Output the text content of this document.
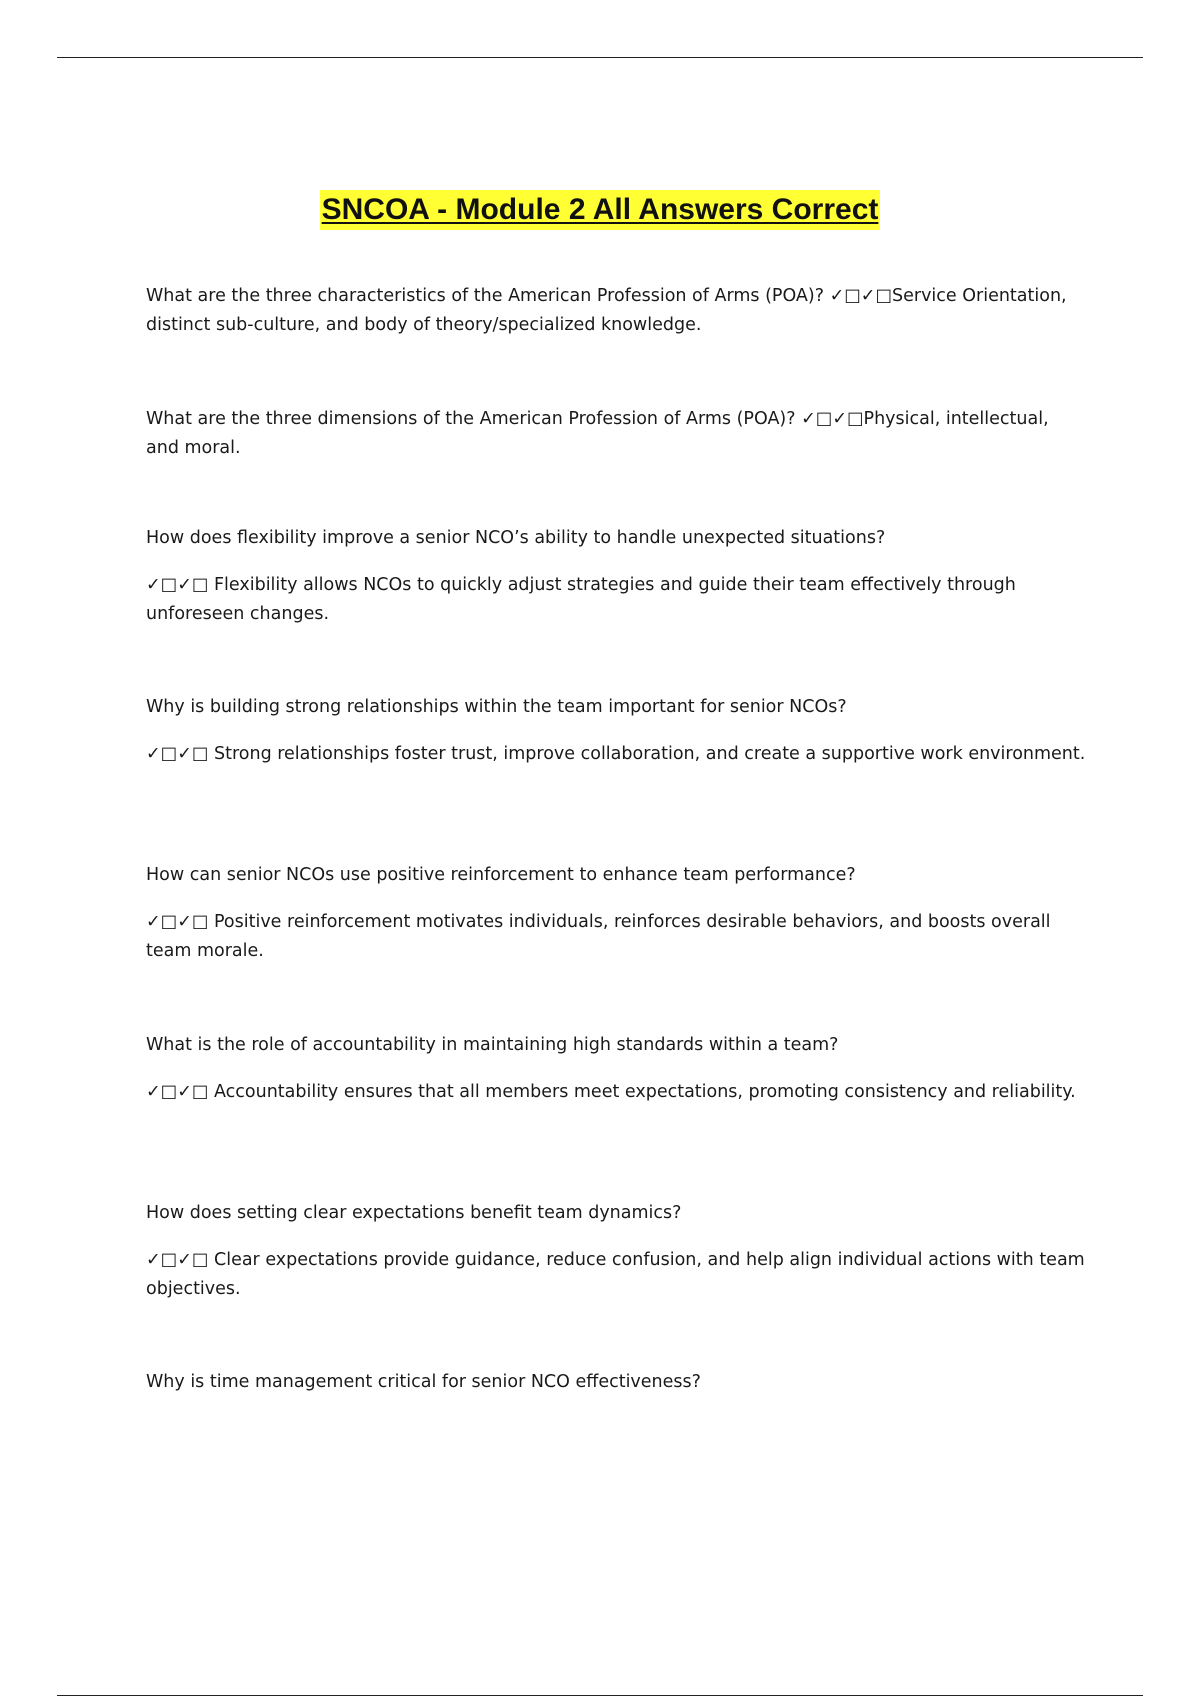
SNCOA - Module 2 All Answers Correct

What are the three characteristics of the American Profession of Arms (POA)? ✓□✓□Service Orientation, distinct sub-culture, and body of theory/specialized knowledge.

What are the three dimensions of the American Profession of Arms (POA)? ✓□✓□Physical, intellectual, and moral.

How does flexibility improve a senior NCO’s ability to handle unexpected situations?

✓□✓□ Flexibility allows NCOs to quickly adjust strategies and guide their team effectively through unforeseen changes.

Why is building strong relationships within the team important for senior NCOs?

✓□✓□ Strong relationships foster trust, improve collaboration, and create a supportive work environment.

How can senior NCOs use positive reinforcement to enhance team performance?

✓□✓□ Positive reinforcement motivates individuals, reinforces desirable behaviors, and boosts overall team morale.

What is the role of accountability in maintaining high standards within a team?

✓□✓□ Accountability ensures that all members meet expectations, promoting consistency and reliability.

How does setting clear expectations benefit team dynamics?

✓□✓□ Clear expectations provide guidance, reduce confusion, and help align individual actions with team objectives.

Why is time management critical for senior NCO effectiveness?
